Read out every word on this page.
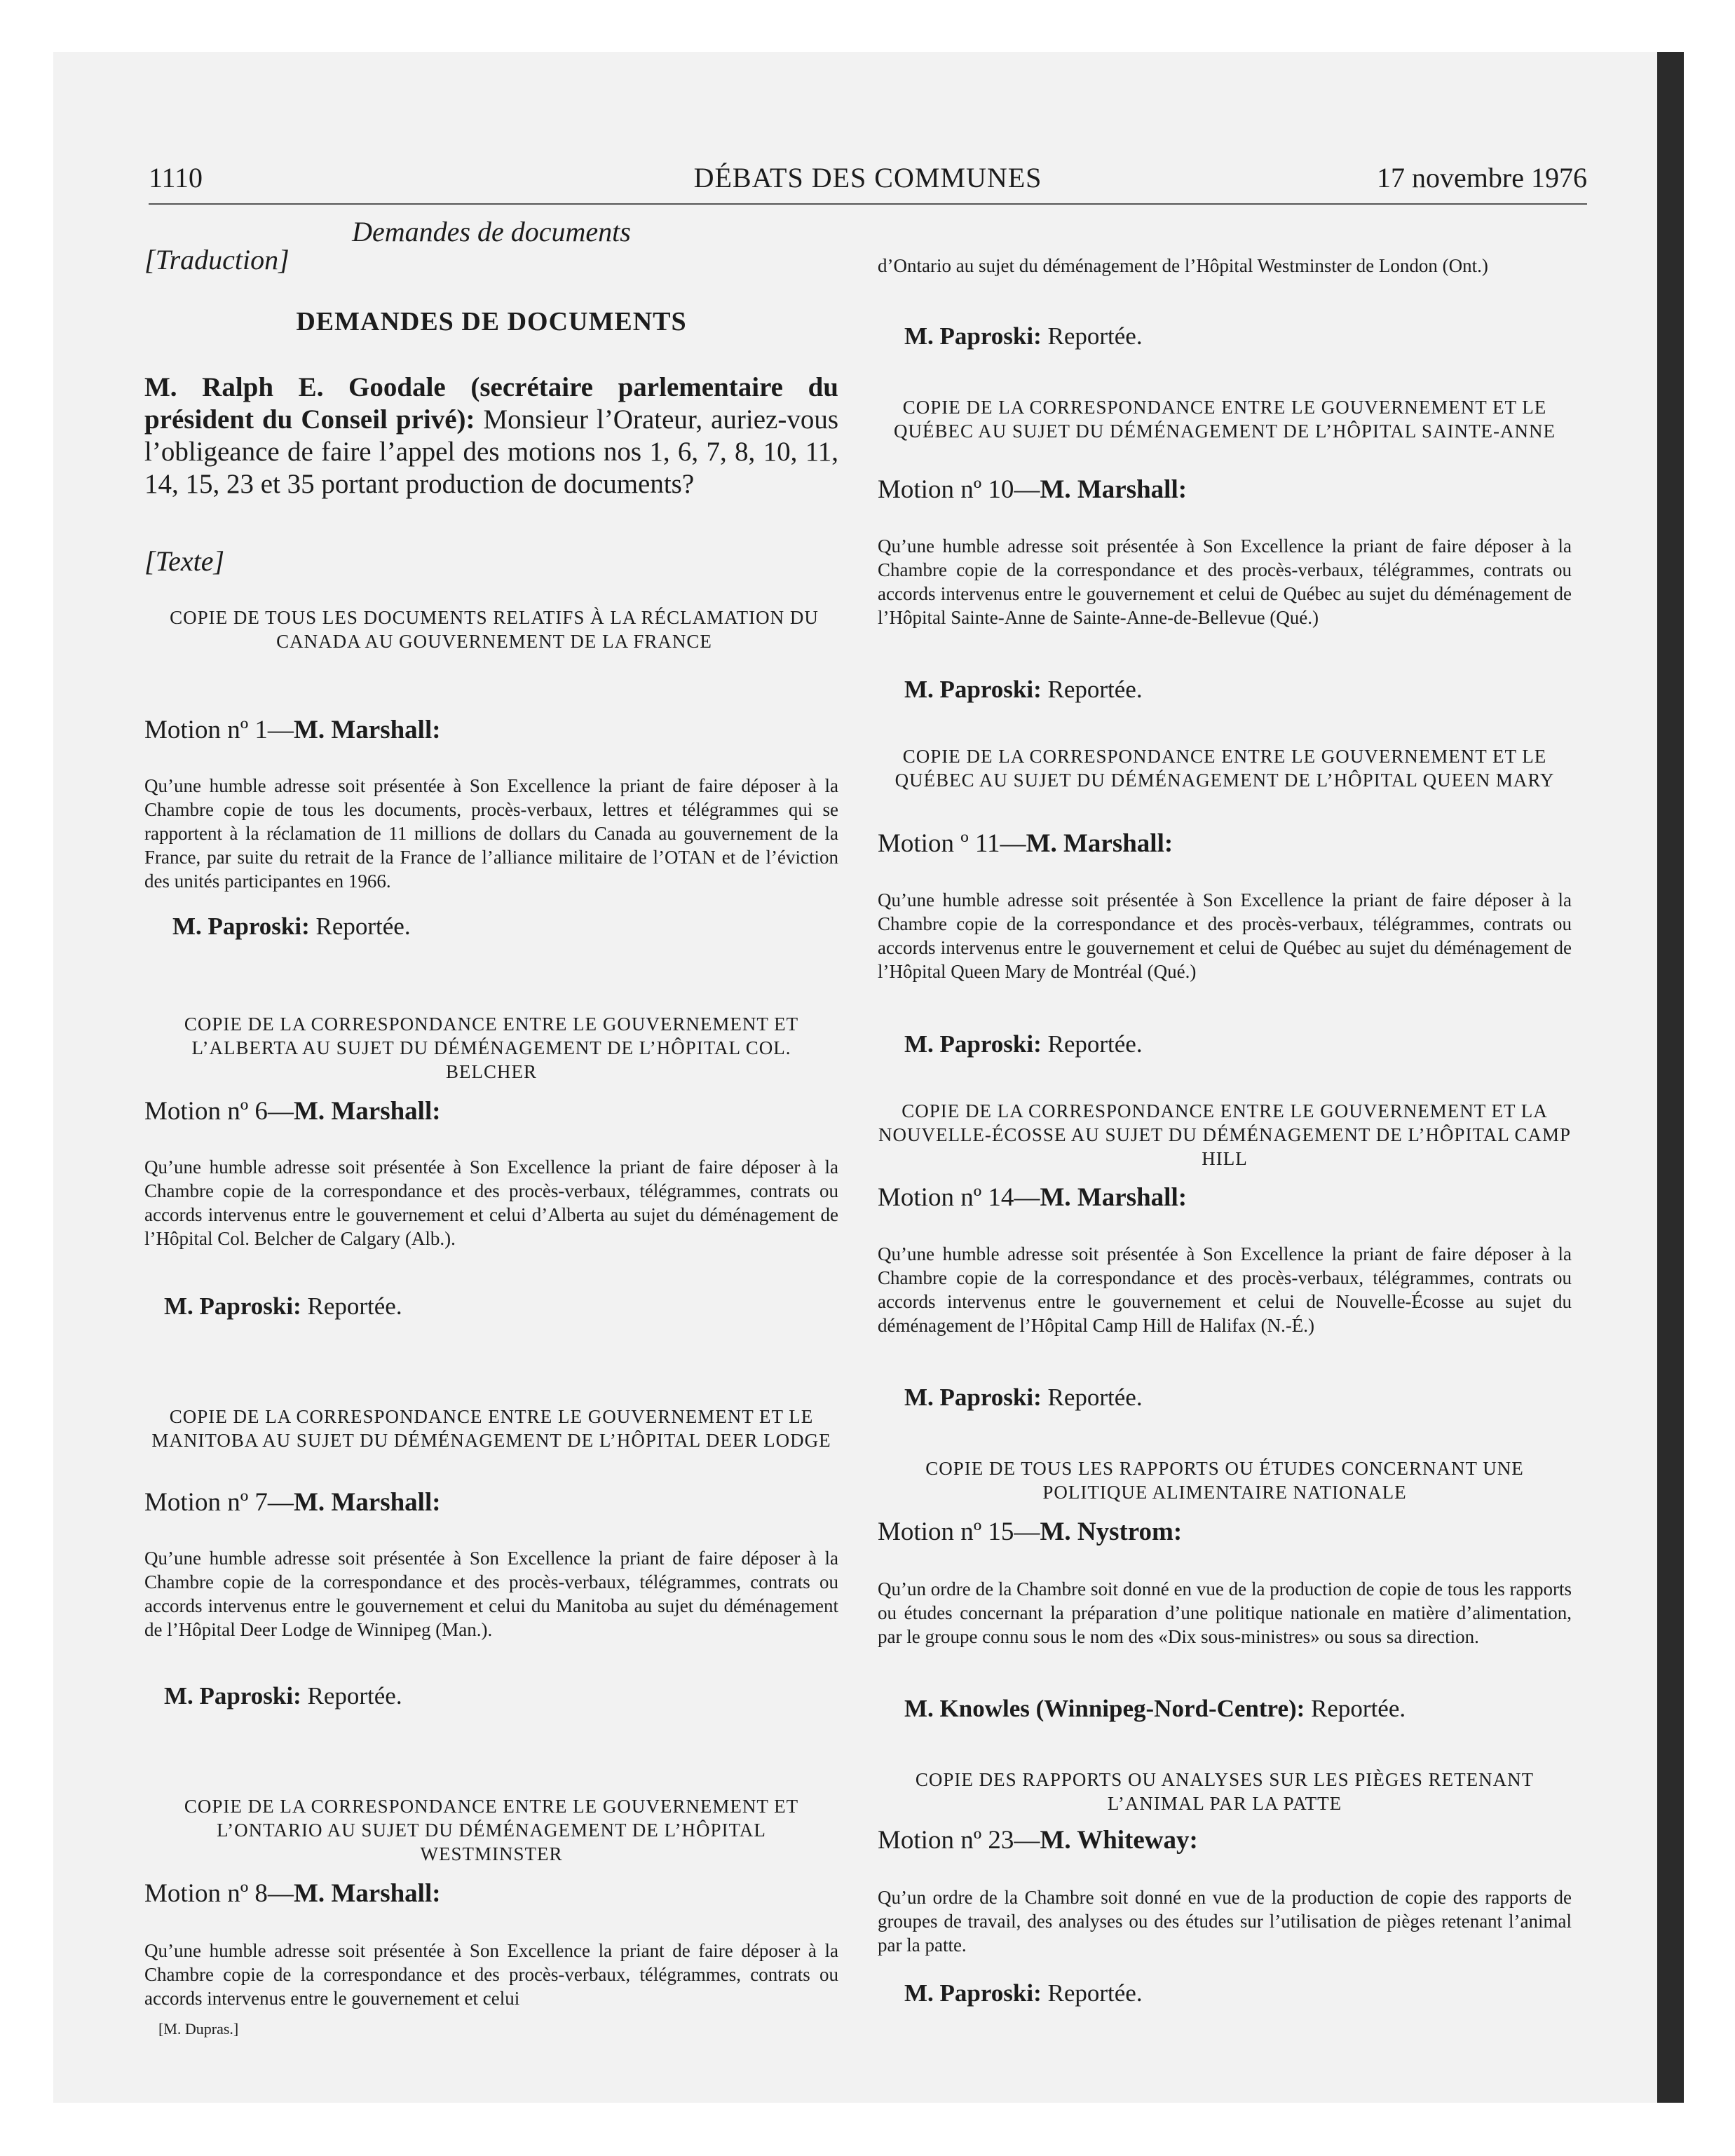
1110	DÉBATS DES COMMUNES	17 novembre 1976
Demandes de documents
[Traduction]
DEMANDES DE DOCUMENTS
M. Ralph E. Goodale (secrétaire parlementaire du président du Conseil privé): Monsieur l’Orateur, auriez-vous l’obligeance de faire l’appel des motions nos 1, 6, 7, 8, 10, 11, 14, 15, 23 et 35 portant production de documents?
[Texte]
COPIE DE TOUS LES DOCUMENTS RELATIFS À LA RÉCLAMATION DU CANADA AU GOUVERNEMENT DE LA FRANCE
Motion nº 1—M. Marshall:
Qu’une humble adresse soit présentée à Son Excellence la priant de faire déposer à la Chambre copie de tous les documents, procès-verbaux, lettres et télégrammes qui se rapportent à la réclamation de 11 millions de dollars du Canada au gouvernement de la France, par suite du retrait de la France de l’alliance militaire de l’OTAN et de l’éviction des unités participantes en 1966.
M. Paproski: Reportée.
COPIE DE LA CORRESPONDANCE ENTRE LE GOUVERNEMENT ET L’ALBERTA AU SUJET DU DÉMÉNAGEMENT DE L’HÔPITAL COL. BELCHER
Motion nº 6—M. Marshall:
Qu’une humble adresse soit présentée à Son Excellence la priant de faire déposer à la Chambre copie de la correspondance et des procès-verbaux, télégrammes, contrats ou accords intervenus entre le gouvernement et celui d’Alberta au sujet du déménagement de l’Hôpital Col. Belcher de Calgary (Alb.).
M. Paproski: Reportée.
COPIE DE LA CORRESPONDANCE ENTRE LE GOUVERNEMENT ET LE MANITOBA AU SUJET DU DÉMÉNAGEMENT DE L’HÔPITAL DEER LODGE
Motion nº 7—M. Marshall:
Qu’une humble adresse soit présentée à Son Excellence la priant de faire déposer à la Chambre copie de la correspondance et des procès-verbaux, télégrammes, contrats ou accords intervenus entre le gouvernement et celui du Manitoba au sujet du déménagement de l’Hôpital Deer Lodge de Winnipeg (Man.).
M. Paproski: Reportée.
COPIE DE LA CORRESPONDANCE ENTRE LE GOUVERNEMENT ET L’ONTARIO AU SUJET DU DÉMÉNAGEMENT DE L’HÔPITAL WESTMINSTER
Motion nº 8—M. Marshall:
Qu’une humble adresse soit présentée à Son Excellence la priant de faire déposer à la Chambre copie de la correspondance et des procès-verbaux, télégrammes, contrats ou accords intervenus entre le gouvernement et celui
[M. Dupras.]
d’Ontario au sujet du déménagement de l’Hôpital Westminster de London (Ont.)
M. Paproski: Reportée.
COPIE DE LA CORRESPONDANCE ENTRE LE GOUVERNEMENT ET LE QUÉBEC AU SUJET DU DÉMÉNAGEMENT DE L’HÔPITAL SAINTE-ANNE
Motion nº 10—M. Marshall:
Qu’une humble adresse soit présentée à Son Excellence la priant de faire déposer à la Chambre copie de la correspondance et des procès-verbaux, télégrammes, contrats ou accords intervenus entre le gouvernement et celui de Québec au sujet du déménagement de l’Hôpital Sainte-Anne de Sainte-Anne-de-Bellevue (Qué.)
M. Paproski: Reportée.
COPIE DE LA CORRESPONDANCE ENTRE LE GOUVERNEMENT ET LE QUÉBEC AU SUJET DU DÉMÉNAGEMENT DE L’HÔPITAL QUEEN MARY
Motion º 11—M. Marshall:
Qu’une humble adresse soit présentée à Son Excellence la priant de faire déposer à la Chambre copie de la correspondance et des procès-verbaux, télégrammes, contrats ou accords intervenus entre le gouvernement et celui de Québec au sujet du déménagement de l’Hôpital Queen Mary de Montréal (Qué.)
M. Paproski: Reportée.
COPIE DE LA CORRESPONDANCE ENTRE LE GOUVERNEMENT ET LA NOUVELLE-ÉCOSSE AU SUJET DU DÉMÉNAGEMENT DE L’HÔPITAL CAMP HILL
Motion nº 14—M. Marshall:
Qu’une humble adresse soit présentée à Son Excellence la priant de faire déposer à la Chambre copie de la correspondance et des procès-verbaux, télégrammes, contrats ou accords intervenus entre le gouvernement et celui de Nouvelle-Écosse au sujet du déménagement de l’Hôpital Camp Hill de Halifax (N.-É.)
M. Paproski: Reportée.
COPIE DE TOUS LES RAPPORTS OU ÉTUDES CONCERNANT UNE POLITIQUE ALIMENTAIRE NATIONALE
Motion nº 15—M. Nystrom:
Qu’un ordre de la Chambre soit donné en vue de la production de copie de tous les rapports ou études concernant la préparation d’une politique nationale en matière d’alimentation, par le groupe connu sous le nom des «Dix sous-ministres» ou sous sa direction.
M. Knowles (Winnipeg-Nord-Centre): Reportée.
COPIE DES RAPPORTS OU ANALYSES SUR LES PIÈGES RETENANT L’ANIMAL PAR LA PATTE
Motion nº 23—M. Whiteway:
Qu’un ordre de la Chambre soit donné en vue de la production de copie des rapports de groupes de travail, des analyses ou des études sur l’utilisation de pièges retenant l’animal par la patte.
M. Paproski: Reportée.
